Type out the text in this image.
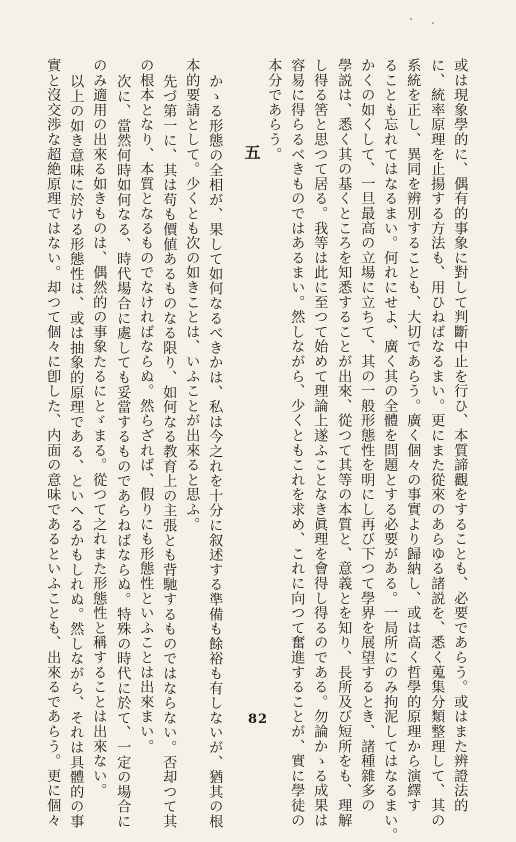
或は現象學的に、偶有的事象に對して判斷中止を行ひ、本質諦觀をすることも、必要であらう。或はまた辨證法的
に、統率原理を止揚する方法も、用ひねばなるまい。更にまた從來のあらゆる諸説を、悉く蒐集分類整理して、其の
系統を正し、異同を辨別することも、大切であらう。廣く個々の事實より歸納し、或は高く哲學的原理から演繹す
ることも忘れてはなるまい。何れにせよ、廣く其の全體を問題とする必要がある。一局所にのみ拘泥してはなるまい。
かくの如くして、一旦最高の立場に立ちて、其の一般形態性を明にし再び下つて學界を展望するとき、諸種雜多の
學説は、悉く其の基くところを知悉することが出來、從つて其等の本質と、意義とを知り、長所及び短所をも、理解
し得る筈と思つて居る。我等は此に至つて始めて理論上遂ふことなき眞理を會得し得るのである。勿論かゝる成果は
容易に得らるべきものではあるまい。然しながら、少くともこれを求め、これに向つて奮進することが、實に學徒の
本分であらう。
五
かゝる形態の全相が、果して如何なるべきかは、私は今之れを十分に叙述する準備も餘裕も有しないが、猶其の根
本的要請として。少くとも次の如きことは、いふことが出來ると思ふ。
先づ第一に、其は苟も價値あるものなる限り、如何なる教育上の主張とも背馳するものではならない。否却つて其
の根本となり、本質となるものでなければならぬ。然らざれば、假りにも形態性といふことは出來まい。
次に、當然何時如何なる、時代場合に處しても妥當するものであらねばならぬ。特殊の時代に於て、一定の場合に
のみ適用の出來る如きものは、偶然的の事象たるにとゞまる。從つて之れまた形態性と稱することは出來ない。
以上の如き意味に於ける形態性は、或は抽象的原理である、といへるかもしれぬ。然しながら、それは具體的の事
實と沒交渉な超絶原理ではない。却つて個々に卽した、内面の意味であるといふことも、出來るであらう。更に個々	82
